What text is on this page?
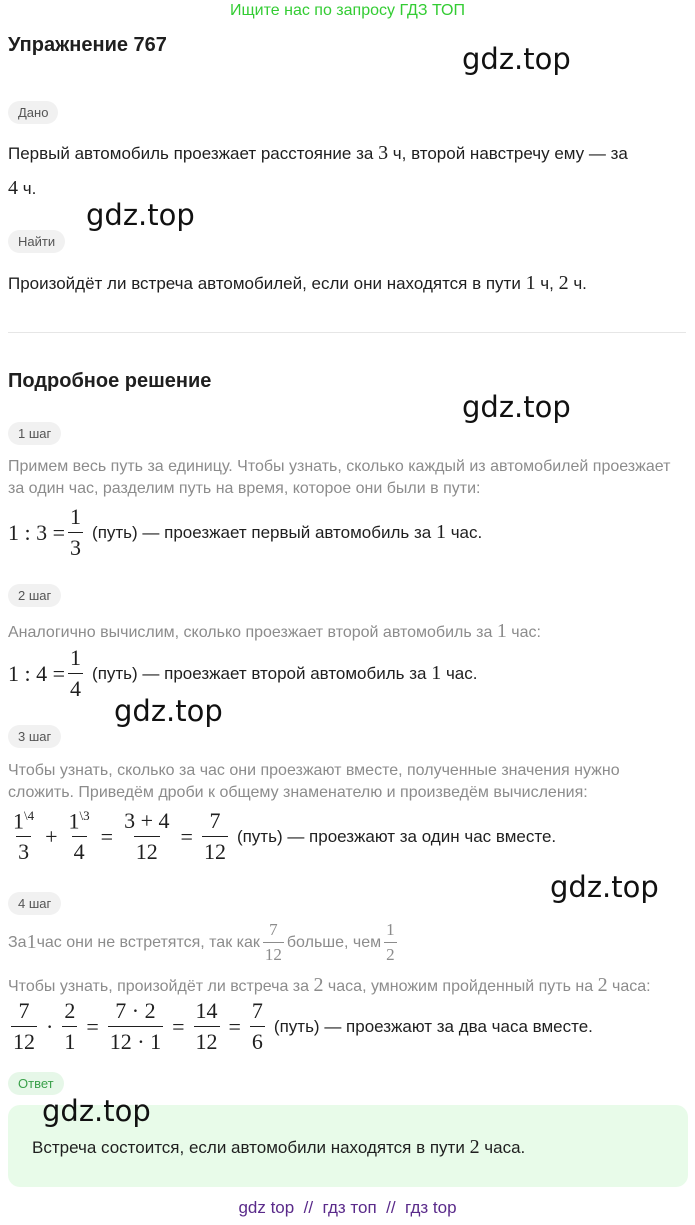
Ищите нас по запросу ГДЗ ТОП
Упражнение 767	gdz.top
Дано
Первый автомобиль проезжает расстояние за 3 ч, второй навстречу ему — за
4 ч.
gdz.top
Найти
Произойдёт ли встреча автомобилей, если они находятся в пути 1 ч, 2 ч.
Подробное решение
gdz.top
1 шаг
Примем весь путь за единицу. Чтобы узнать, сколько каждый из автомобилей проезжает
за один час, разделим путь на время, которое они были в пути:
1 : $3 = \frac{1}{3}$ (путь) — проезжает первый автомобиль за 1 час.
2 шаг
Аналогично вычислим, сколько проезжает второй автомобиль за 1 час:
1 : $4 = \frac{1}{4}$ (путь) — проезжает второй автомобиль за 1 час.
gdz.top
3 шаг
Чтобы узнать, сколько за час они проезжают вместе, полученные значения нужно
сложить. Приведём дроби к общему знаменателю и произведём вычисления:
$\frac{1^{\backslash 4}}{3} + \frac{1^{\backslash 3}}{4} = \frac{3 + 4}{12} = \frac{7}{12}$ (путь) — проезжают за один час вместе.
gdz.top
4 шаг
За 1 час они не встретятся, так как $\frac{7}{12}$ больше, чем $\frac{1}{2}$
Чтобы узнать, произойдёт ли встреча за 2 часа, умножим пройденный путь на 2 часа:
$\frac{7}{12} \cdot \frac{2}{1} = \frac{7 \cdot 2}{12 \cdot 1} = \frac{14}{12} = \frac{7}{6}$ (путь) — проезжают за два часа вместе.
Ответ
Встреча состоится, если автомобили находятся в пути 2 часа.
gdz.top
gdz top  //  гдз топ  //  гдз top
